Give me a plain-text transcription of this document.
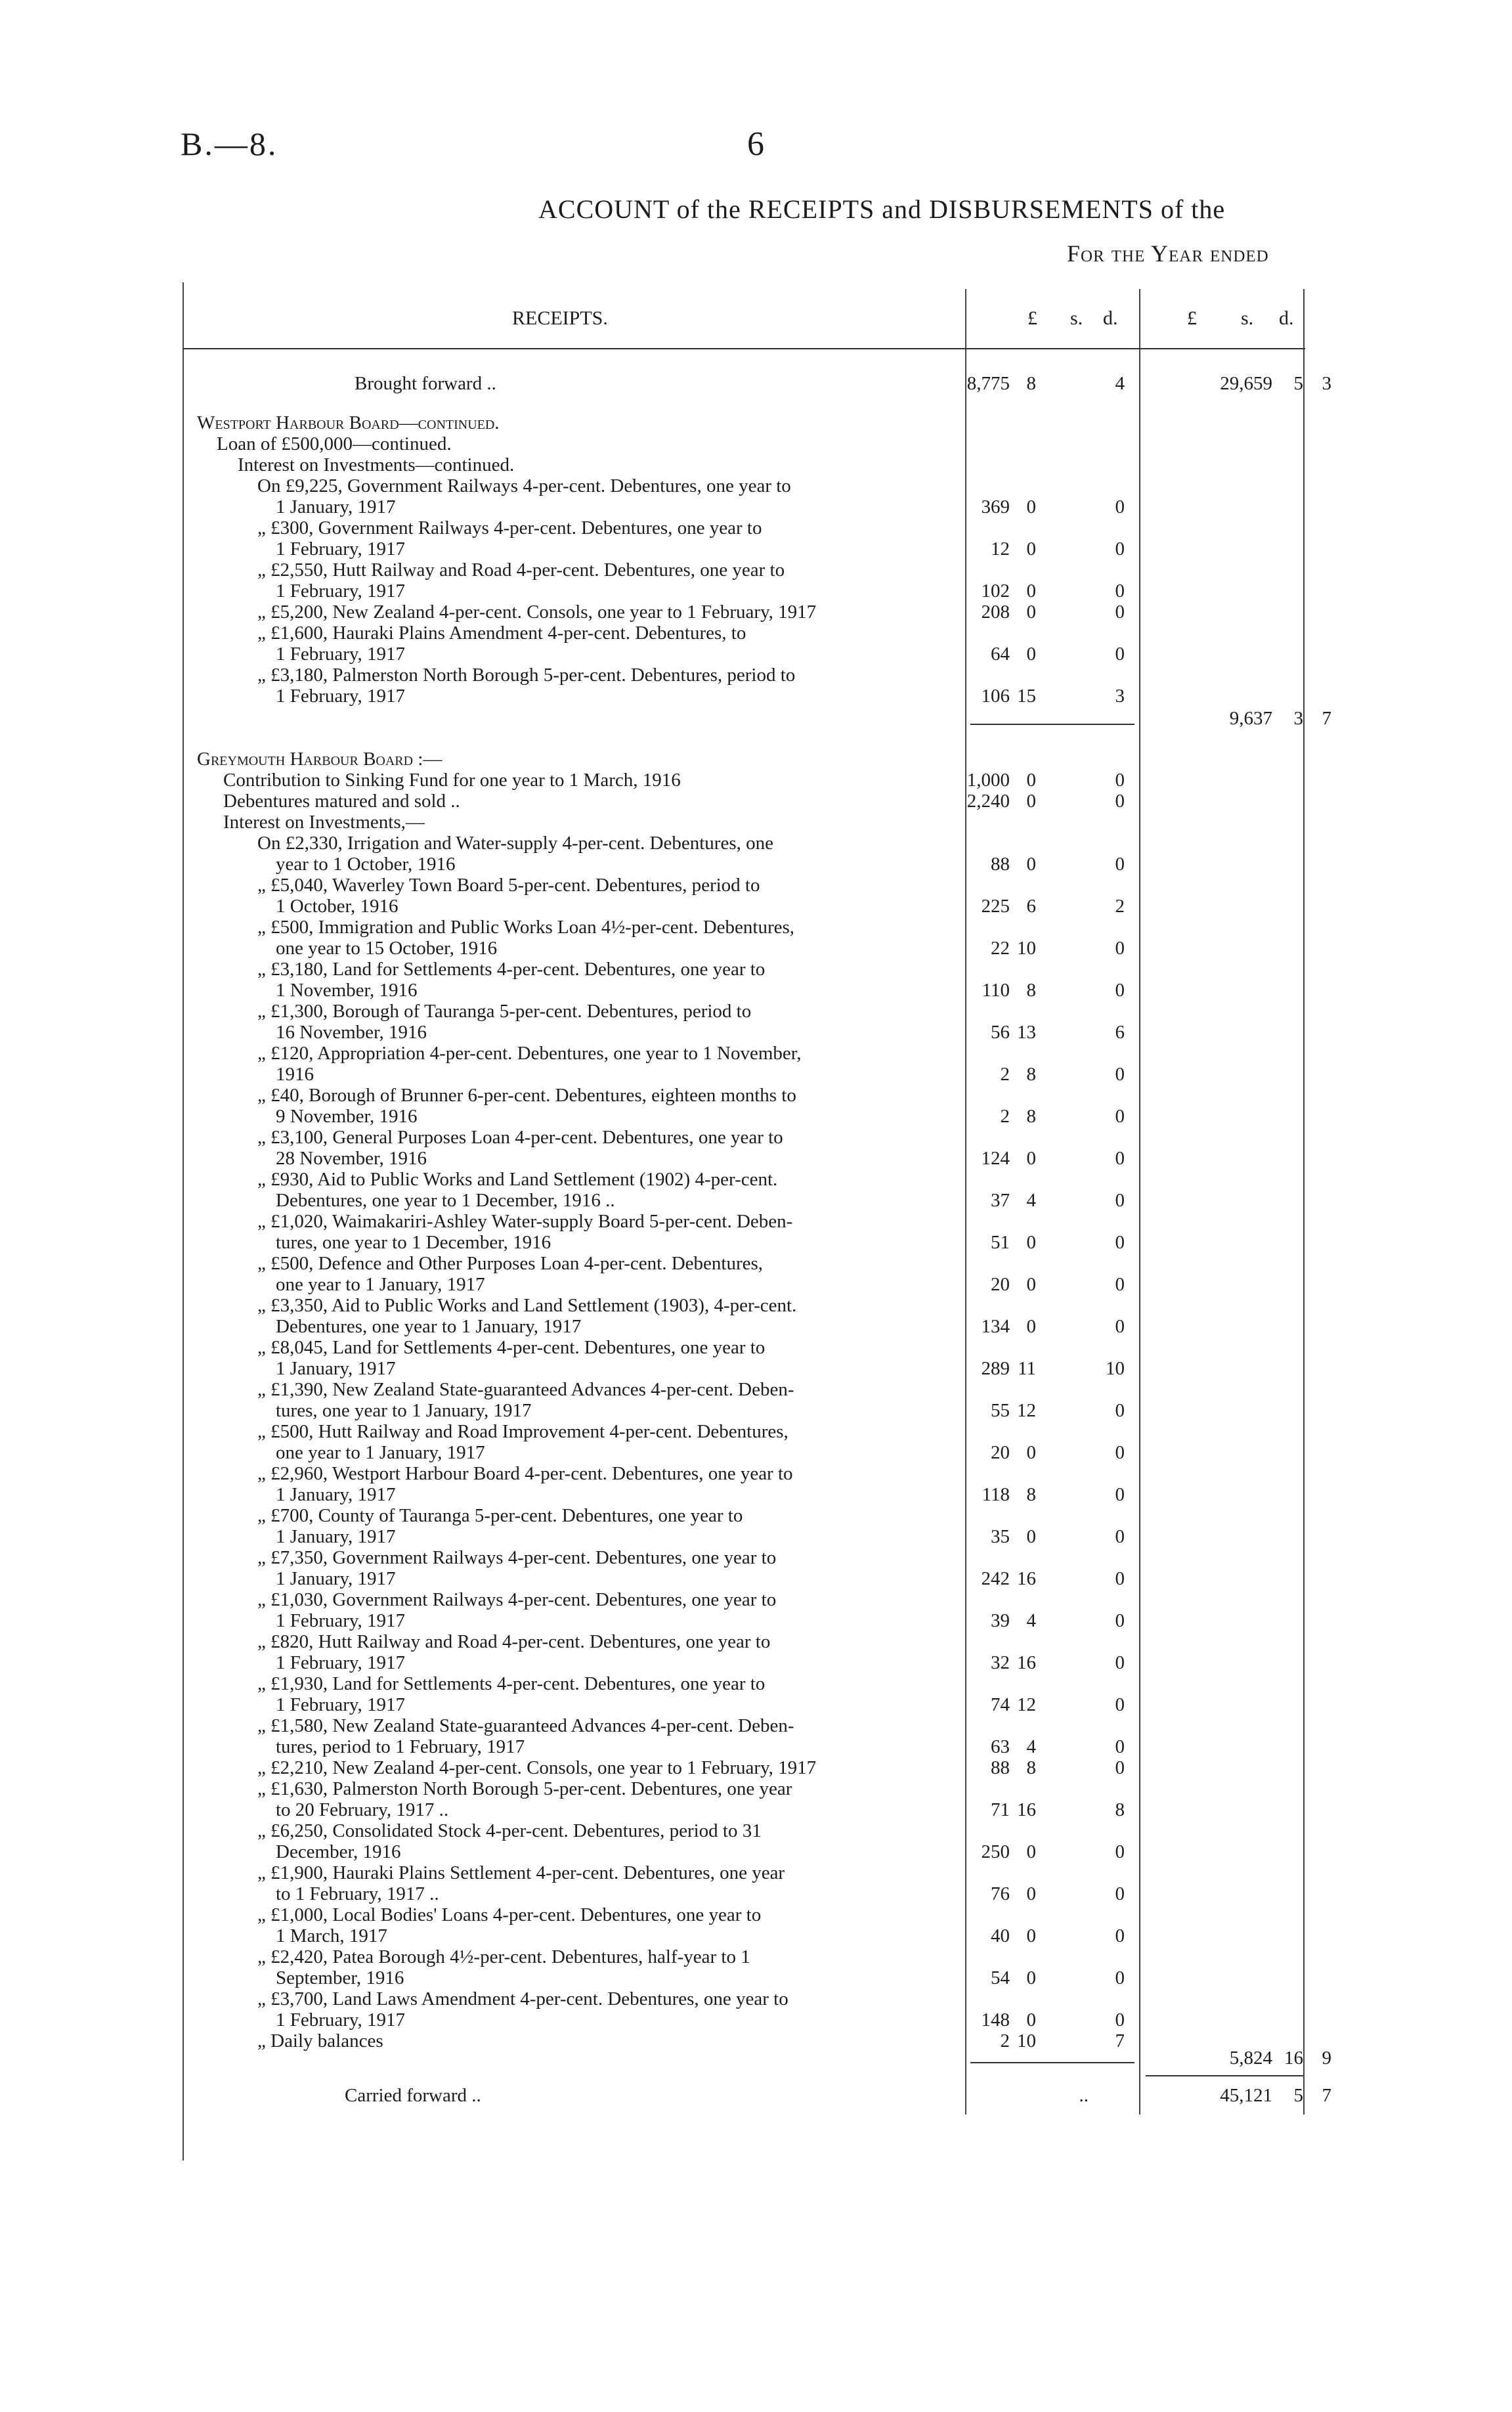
B.—8.	6
ACCOUNT of the RECEIPTS and DISBURSEMENTS of the
For the Year ended
RECEIPTS.	£ s. d.	£ s. d.
Brought forward ..	8,775 8	4	29,659	5 3
Westport Harbour Board—continued.
Loan of £500,000—continued.
Interest on Investments—continued.
On £9,225, Government Railways 4-per-cent. Debentures, one year to
1 January, 1917	369 0	0
„ £300, Government Railways 4-per-cent. Debentures, one year to
1 February, 1917	12 0	0
„ £2,550, Hutt Railway and Road 4-per-cent. Debentures, one year to
1 February, 1917	102 0	0
„ £5,200, New Zealand 4-per-cent. Consols, one year to 1 February, 1917	208 0	0
„ £1,600, Hauraki Plains Amendment 4-per-cent. Debentures, to
1 February, 1917	64 0	0
„ £3,180, Palmerston North Borough 5-per-cent. Debentures, period to
1 February, 1917	106 15	3
9,637	3 7
Greymouth Harbour Board :—
Contribution to Sinking Fund for one year to 1 March, 1916	1,000 0	0
Debentures matured and sold ..	2,240 0	0
Interest on Investments,—
On £2,330, Irrigation and Water-supply 4-per-cent. Debentures, one
year to 1 October, 1916	88 0	0
„ £5,040, Waverley Town Board 5-per-cent. Debentures, period to
1 October, 1916	225 6	2
„ £500, Immigration and Public Works Loan 4½-per-cent. Debentures,
one year to 15 October, 1916	22 10	0
„ £3,180, Land for Settlements 4-per-cent. Debentures, one year to
1 November, 1916	110 8	0
„ £1,300, Borough of Tauranga 5-per-cent. Debentures, period to
16 November, 1916	56 13	6
„ £120, Appropriation 4-per-cent. Debentures, one year to 1 November,
1916	2 8	0
„ £40, Borough of Brunner 6-per-cent. Debentures, eighteen months to
9 November, 1916	2 8	0
„ £3,100, General Purposes Loan 4-per-cent. Debentures, one year to
28 November, 1916	124 0	0
„ £930, Aid to Public Works and Land Settlement (1902) 4-per-cent.
Debentures, one year to 1 December, 1916 ..	37 4	0
„ £1,020, Waimakariri-Ashley Water-supply Board 5-per-cent. Deben-
tures, one year to 1 December, 1916	51 0	0
„ £500, Defence and Other Purposes Loan 4-per-cent. Debentures,
one year to 1 January, 1917	20 0	0
„ £3,350, Aid to Public Works and Land Settlement (1903), 4-per-cent.
Debentures, one year to 1 January, 1917	134 0	0
„ £8,045, Land for Settlements 4-per-cent. Debentures, one year to
1 January, 1917	289 11	10
„ £1,390, New Zealand State-guaranteed Advances 4-per-cent. Deben-
tures, one year to 1 January, 1917	55 12	0
„ £500, Hutt Railway and Road Improvement 4-per-cent. Debentures,
one year to 1 January, 1917	20 0	0
„ £2,960, Westport Harbour Board 4-per-cent. Debentures, one year to
1 January, 1917	118 8	0
„ £700, County of Tauranga 5-per-cent. Debentures, one year to
1 January, 1917	35 0	0
„ £7,350, Government Railways 4-per-cent. Debentures, one year to
1 January, 1917	242 16	0
„ £1,030, Government Railways 4-per-cent. Debentures, one year to
1 February, 1917	39 4	0
„ £820, Hutt Railway and Road 4-per-cent. Debentures, one year to
1 February, 1917	32 16	0
„ £1,930, Land for Settlements 4-per-cent. Debentures, one year to
1 February, 1917	74 12	0
„ £1,580, New Zealand State-guaranteed Advances 4-per-cent. Deben-
tures, period to 1 February, 1917	63 4	0
„ £2,210, New Zealand 4-per-cent. Consols, one year to 1 February, 1917	88 8	0
„ £1,630, Palmerston North Borough 5-per-cent. Debentures, one year
to 20 February, 1917 ..	71 16	8
„ £6,250, Consolidated Stock 4-per-cent. Debentures, period to 31
December, 1916	250 0	0
„ £1,900, Hauraki Plains Settlement 4-per-cent. Debentures, one year
to 1 February, 1917 ..	76 0	0
„ £1,000, Local Bodies' Loans 4-per-cent. Debentures, one year to
1 March, 1917	40 0	0
„ £2,420, Patea Borough 4½-per-cent. Debentures, half-year to 1
September, 1916	54 0	0
„ £3,700, Land Laws Amendment 4-per-cent. Debentures, one year to
1 February, 1917	148 0	0
„ Daily balances	2 10	7
5,824 16 9
Carried forward ..	..	45,121	5 7
